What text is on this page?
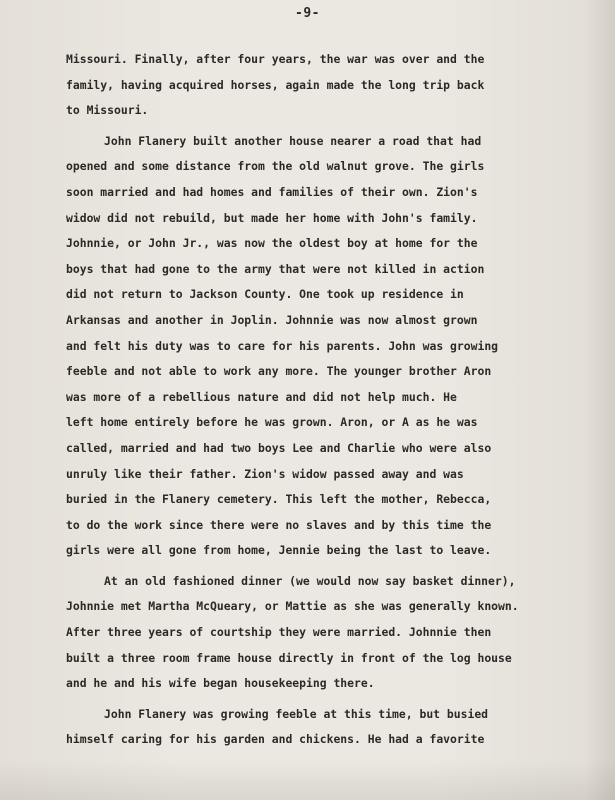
-9-

Missouri. Finally, after four years, the war was over and the
family, having acquired horses, again made the long trip back
to Missouri.

John Flanery built another house nearer a road that had
opened and some distance from the old walnut grove. The girls
soon married and had homes and families of their own. Zion's
widow did not rebuild, but made her home with John's family.
Johnnie, or John Jr., was now the oldest boy at home for the
boys that had gone to the army that were not killed in action
did not return to Jackson County. One took up residence in
Arkansas and another in Joplin. Johnnie was now almost grown
and felt his duty was to care for his parents. John was growing
feeble and not able to work any more. The younger brother Aron
was more of a rebellious nature and did not help much. He
left home entirely before he was grown. Aron, or A as he was
called, married and had two boys Lee and Charlie who were also
unruly like their father. Zion's widow passed away and was
buried in the Flanery cemetery. This left the mother, Rebecca,
to do the work since there were no slaves and by this time the
girls were all gone from home, Jennie being the last to leave.

At an old fashioned dinner (we would now say basket dinner),
Johnnie met Martha McQueary, or Mattie as she was generally known.
After three years of courtship they were married. Johnnie then
built a three room frame house directly in front of the log house
and he and his wife began housekeeping there.

John Flanery was growing feeble at this time, but busied
himself caring for his garden and chickens. He had a favorite
